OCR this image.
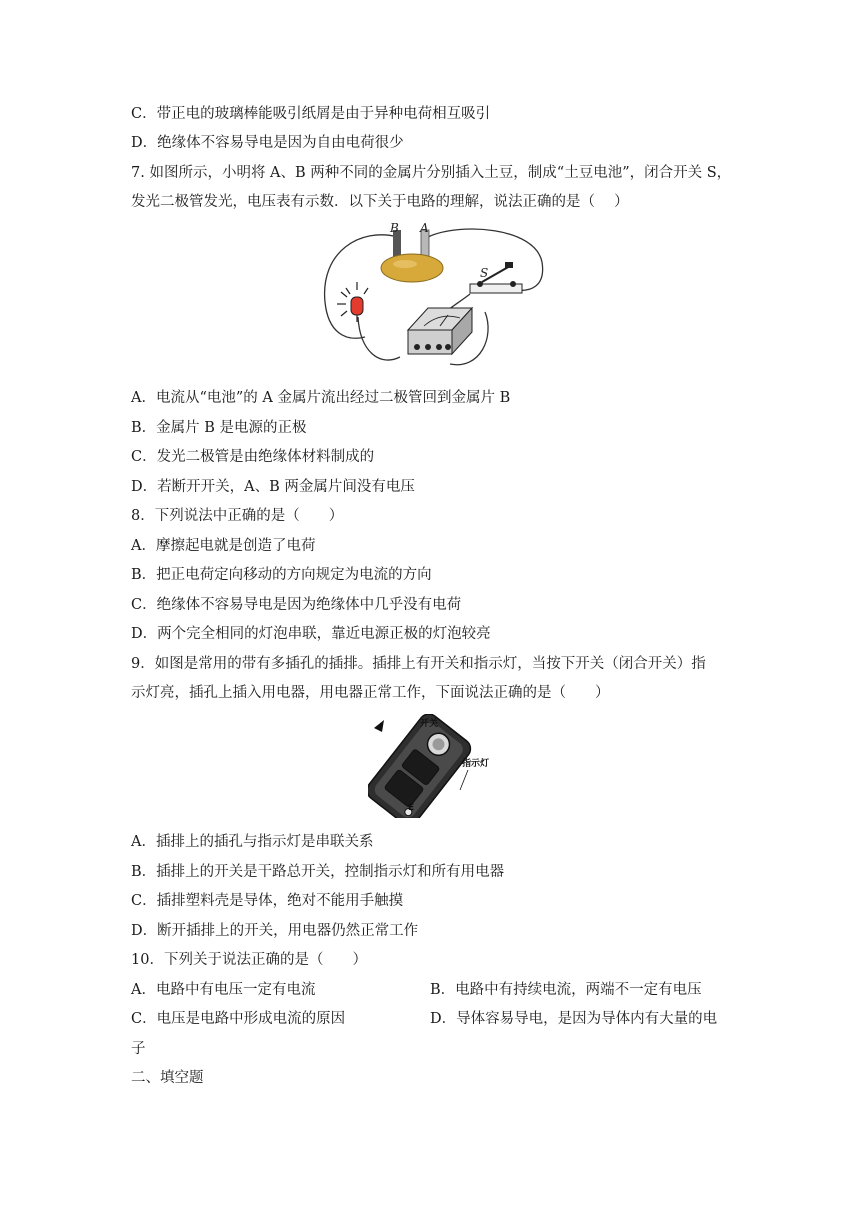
C．带正电的玻璃棒能吸引纸屑是由于异种电荷相互吸引
D．绝缘体不容易导电是因为自由电荷很少
7. 如图所示，小明将 A、B 两种不同的金属片分别插入土豆，制成“土豆电池”，闭合开关 S，
发光二极管发光，电压表有示数．以下关于电路的理解，说法正确的是（　 ）
B A
S
A．电流从“电池”的 A 金属片流出经过二极管回到金属片 B
B．金属片 B 是电源的正极
C．发光二极管是由绝缘体材料制成的
D．若断开开关，A、B 两金属片间没有电压
8．下列说法中正确的是（　　）
A．摩擦起电就是创造了电荷
B．把正电荷定向移动的方向规定为电流的方向
C．绝缘体不容易导电是因为绝缘体中几乎没有电荷
D．两个完全相同的灯泡串联，靠近电源正极的灯泡较亮
9．如图是常用的带有多插孔的插排。插排上有开关和指示灯，当按下开关（闭合开关）指
示灯亮，插孔上插入用电器，用电器正常工作，下面说法正确的是（　　）
开关
指示灯
E
A．插排上的插孔与指示灯是串联关系
B．插排上的开关是干路总开关，控制指示灯和所有用电器
C．插排塑料壳是导体，绝对不能用手触摸
D．断开插排上的开关，用电器仍然正常工作
10．下列关于说法正确的是（　　）
A．电路中有电压一定有电流	B．电路中有持续电流，两端不一定有电压
C．电压是电路中形成电流的原因	D．导体容易导电，是因为导体内有大量的电
子
二、填空题
